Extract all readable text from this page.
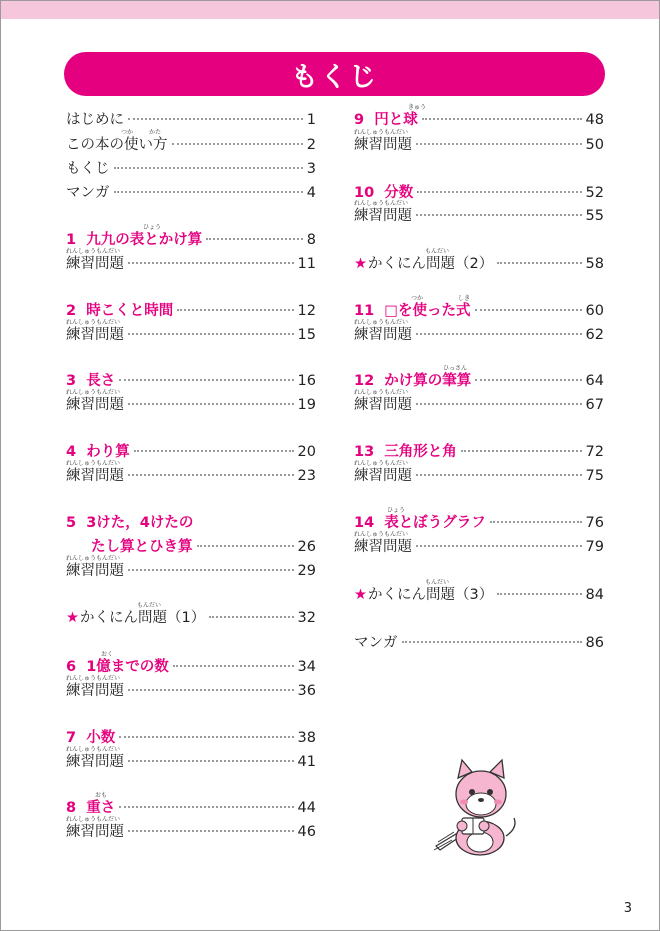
もくじ
はじめに	1
この本の使い方	2
もくじ	3
マンガ	4
1 九九の表とかけ算	8
練習問題	11
2 時こくと時間	12
練習問題	15
3 長さ	16
練習問題	19
4 わり算	20
練習問題	23
5 3けた，4けたの
たし算とひき算	26
練習問題	29
★ かくにん問題（1）	32
6 1億までの数	34
練習問題	36
7 小数	38
練習問題	41
8 重さ	44
練習問題	46
9 円と球	48
練習問題	50
10 分数	52
練習問題	55
★ かくにん問題（2）	58
11 □を使った式	60
練習問題	62
12 かけ算の筆算	64
練習問題	67
13 三角形と角	72
練習問題	75
14 表とぼうグラフ	76
練習問題	79
★ かくにん問題（3）	84
マンガ	86
つか	かた
ひょう
れんしゅうもんだい
れんしゅうもんだい
れんしゅうもんだい
れんしゅうもんだい
れんしゅうもんだい
もんだい
おく
れんしゅうもんだい
れんしゅうもんだい
おも
れんしゅうもんだい
きゅう
れんしゅうもんだい
れんしゅうもんだい
もんだい
つか	しき
れんしゅうもんだい
ひっさん
れんしゅうもんだい
れんしゅうもんだい
ひょう
れんしゅうもんだい
もんだい
3
